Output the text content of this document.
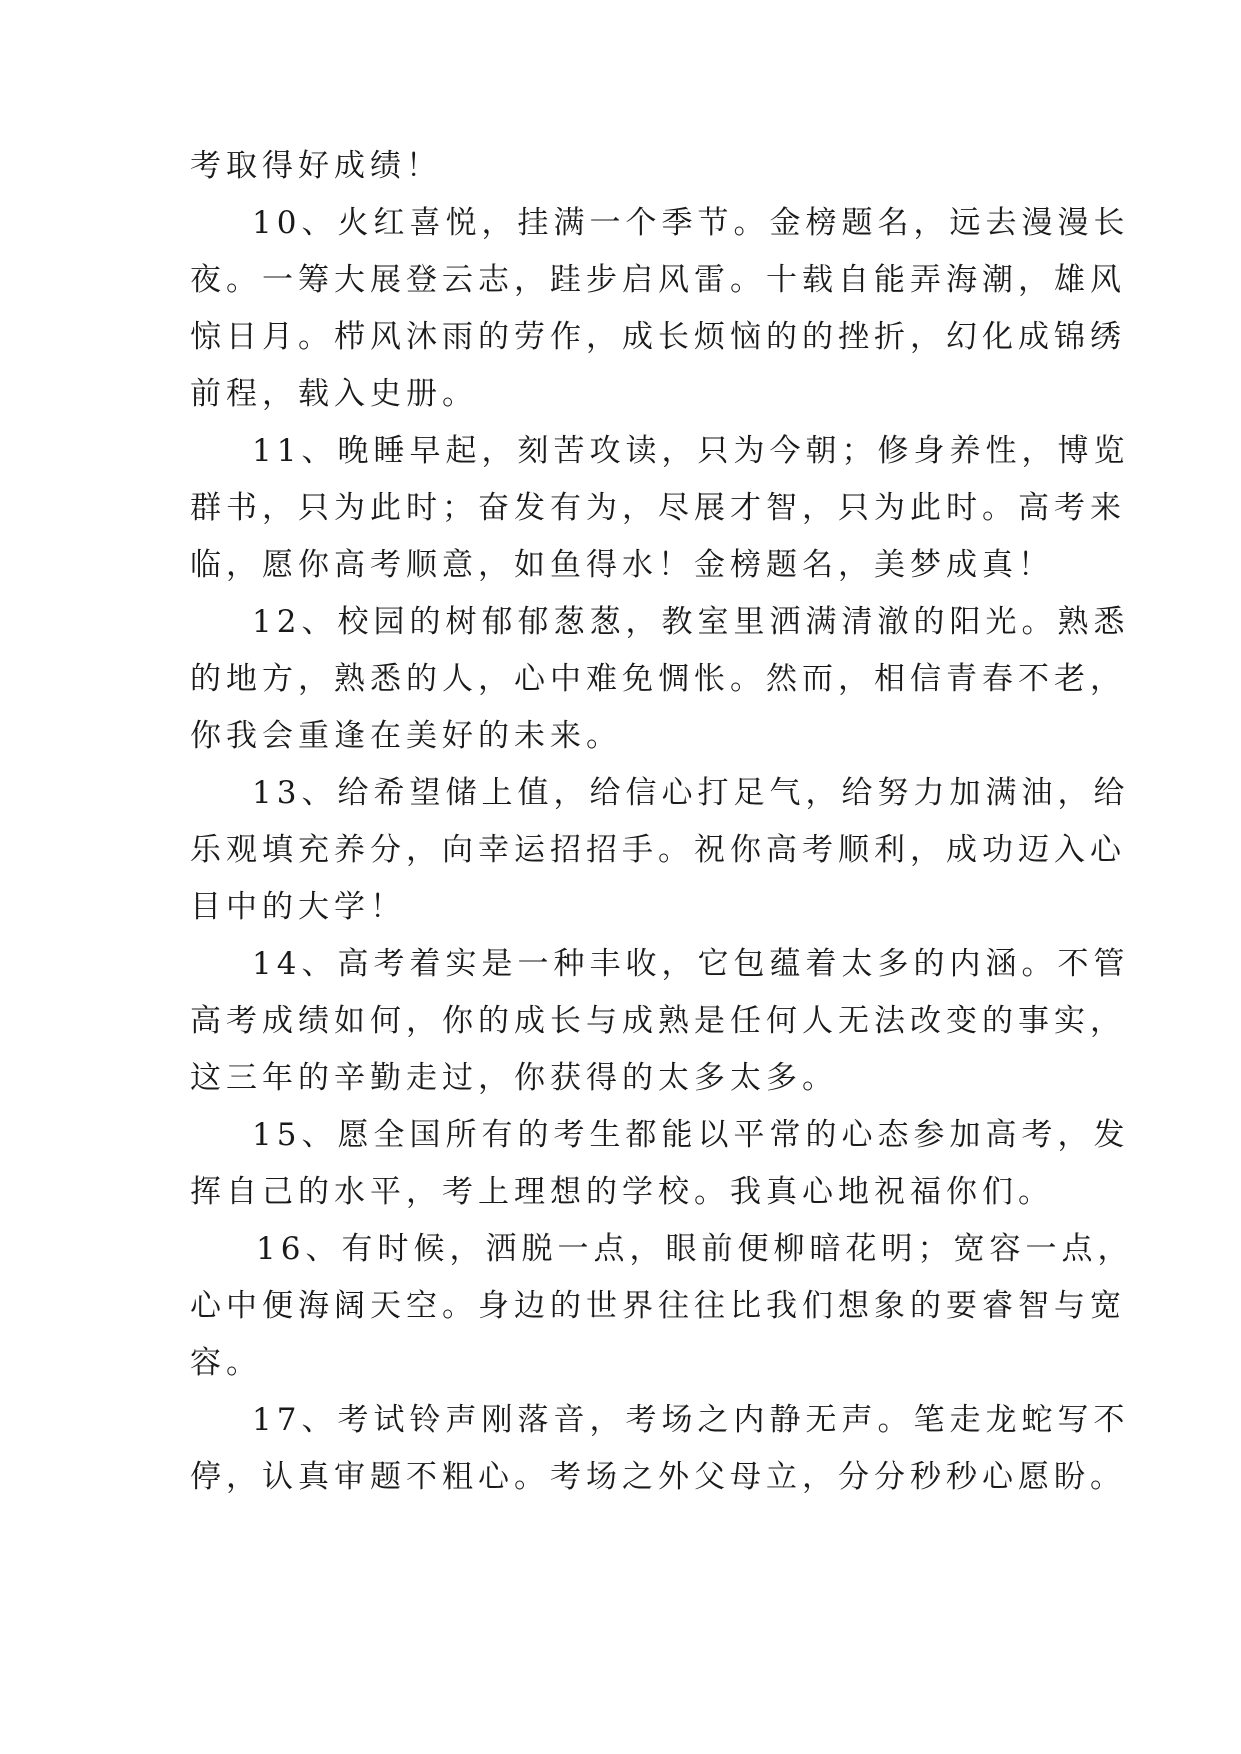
考取得好成绩！
10、火红喜悦，挂满一个季节。金榜题名，远去漫漫长
夜。一筹大展登云志，跬步启风雷。十载自能弄海潮，雄风
惊日月。栉风沐雨的劳作，成长烦恼的的挫折，幻化成锦绣
前程，载入史册。
11、晚睡早起，刻苦攻读，只为今朝；修身养性，博览
群书，只为此时；奋发有为，尽展才智，只为此时。高考来
临，愿你高考顺意，如鱼得水！金榜题名，美梦成真！
12、校园的树郁郁葱葱，教室里洒满清澈的阳光。熟悉
的地方，熟悉的人，心中难免惆怅。然而，相信青春不老，
你我会重逢在美好的未来。
13、给希望储上值，给信心打足气，给努力加满油，给
乐观填充养分，向幸运招招手。祝你高考顺利，成功迈入心
目中的大学！
14、高考着实是一种丰收，它包蕴着太多的内涵。不管
高考成绩如何，你的成长与成熟是任何人无法改变的事实，
这三年的辛勤走过，你获得的太多太多。
15、愿全国所有的考生都能以平常的心态参加高考，发
挥自己的水平，考上理想的学校。我真心地祝福你们。
16、有时候，洒脱一点，眼前便柳暗花明；宽容一点，
心中便海阔天空。身边的世界往往比我们想象的要睿智与宽
容。
17、考试铃声刚落音，考场之内静无声。笔走龙蛇写不
停，认真审题不粗心。考场之外父母立，分分秒秒心愿盼。
